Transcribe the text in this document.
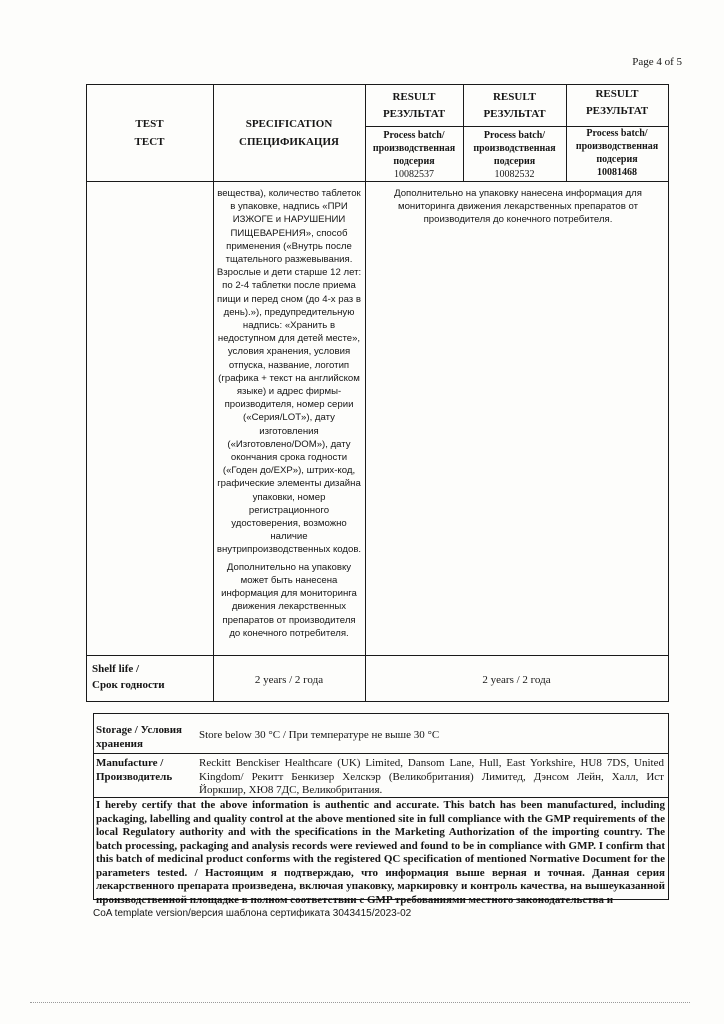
Page 4 of 5
TEST
ТЕСТ
SPECIFICATION
СПЕЦИФИКАЦИЯ
RESULT
РЕЗУЛЬТАТ
Process batch/
производственная
подсерия
10082537
RESULT
РЕЗУЛЬТАТ
Process batch/
производственная
подсерия
10082532
RESULT
РЕЗУЛЬТАТ
Process batch/
производственная
подсерия
10081468

вещества), количество таблеток в упаковке, надпись «ПРИ ИЗЖОГЕ и НАРУШЕНИИ ПИЩЕВАРЕНИЯ», способ применения («Внутрь после тщательного разжевывания. Взрослые и дети старше 12 лет: по 2-4 таблетки после приема пищи и перед сном (до 4-х раз в день).»), предупредительную надпись: «Хранить в недоступном для детей месте», условия хранения, условия отпуска, название, логотип (графика + текст на английском языке) и адрес фирмы-производителя, номер серии («Серия/LOT»), дату изготовления («Изготовлено/DOM»), дату окончания срока годности («Годен до/EXP»), штрих-код, графические элементы дизайна упаковки, номер регистрационного удостоверения, возможно наличие внутрипроизводственных кодов.

Дополнительно на упаковку может быть нанесена информация для мониторинга движения лекарственных препаратов от производителя до конечного потребителя.

Дополнительно на упаковку нанесена информация для мониторинга движения лекарственных препаратов от производителя до конечного потребителя.
Shelf life /
Срок годности	2 years / 2 года	2 years / 2 года
Storage / Условия
хранения
Store below 30 °C / При температуре не выше 30 °C
Manufacture /
Производитель
Reckitt Benckiser Healthcare (UK) Limited, Dansom Lane, Hull, East Yorkshire, HU8 7DS, United Kingdom/ Рекитт Бенкизер Хелскэр (Великобритания) Лимитед, Дэнсом Лейн, Халл, Ист Йоркшир, ХЮ8 7ДС, Великобритания.
I hereby certify that the above information is authentic and accurate. This batch has been manufactured, including packaging, labelling and quality control at the above mentioned site in full compliance with the GMP requirements of the local Regulatory authority and with the specifications in the Marketing Authorization of the importing country. The batch processing, packaging and analysis records were reviewed and found to be in compliance with GMP. I confirm that this batch of medicinal product conforms with the registered QC specification of mentioned Normative Document for the parameters tested. / Настоящим я подтверждаю, что информация выше верная и точная. Данная серия лекарственного препарата произведена, включая упаковку, маркировку и контроль качества, на вышеуказанной производственной площадке в полном соответствии с GMP требованиями местного законодательства и
CoA template version/версия шаблона сертификата 3043415/2023-02
